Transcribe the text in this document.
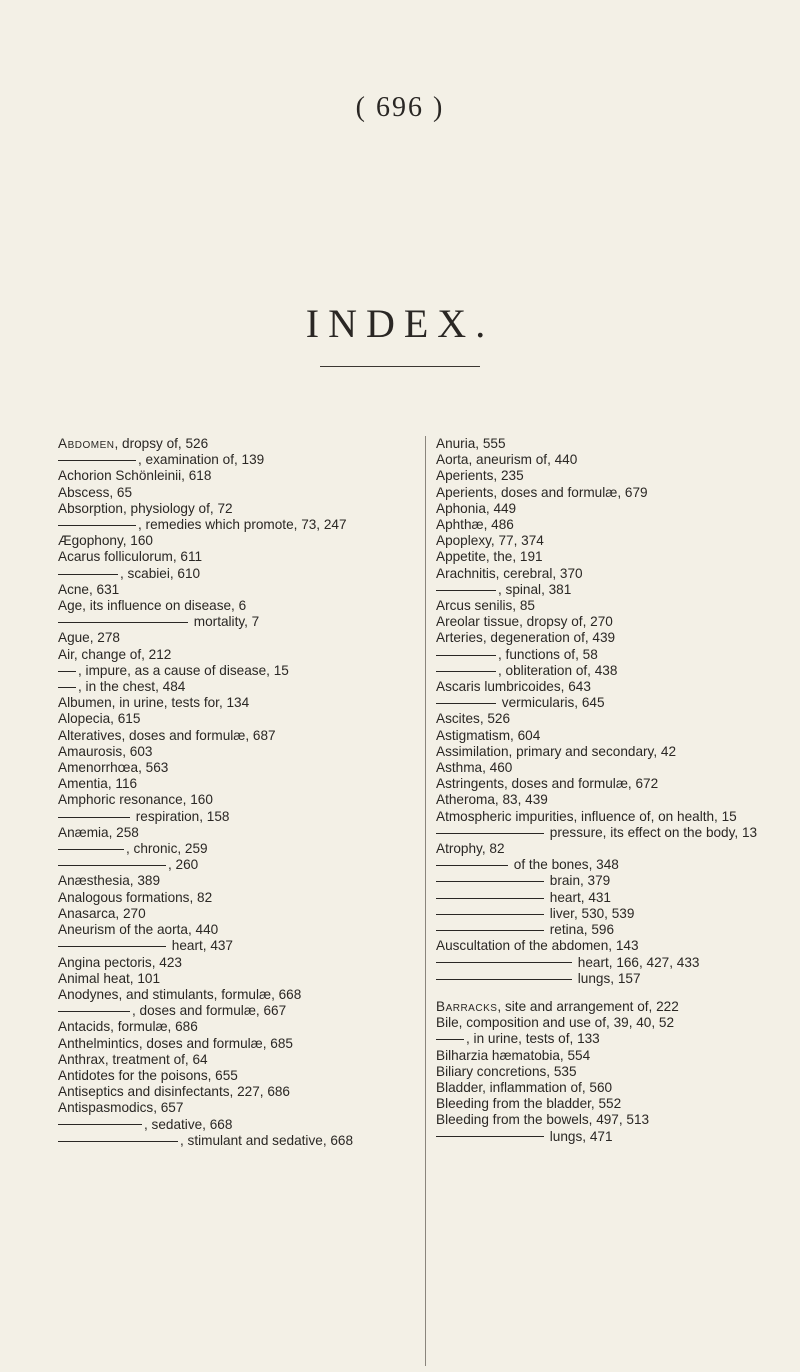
( 696 )
INDEX.
Abdomen, dropsy of, 526
, examination of, 139
Achorion Schönleinii, 618
Abscess, 65
Absorption, physiology of, 72
, remedies which promote, 73, 247
Ægophony, 160
Acarus folliculorum, 611
, scabiei, 610
Acne, 631
Age, its influence on disease, 6
mortality, 7
Ague, 278
Air, change of, 212
, impure, as a cause of disease, 15
, in the chest, 484
Albumen, in urine, tests for, 134
Alopecia, 615
Alteratives, doses and formulæ, 687
Amaurosis, 603
Amenorrhœa, 563
Amentia, 116
Amphoric resonance, 160
respiration, 158
Anæmia, 258
, chronic, 259
, 260
Anæsthesia, 389
Analogous formations, 82
Anasarca, 270
Aneurism of the aorta, 440
heart, 437
Angina pectoris, 423
Animal heat, 101
Anodynes, and stimulants, formulæ, 668
, doses and formulæ, 667
Antacids, formulæ, 686
Anthelmintics, doses and formulæ, 685
Anthrax, treatment of, 64
Antidotes for the poisons, 655
Antiseptics and disinfectants, 227, 686
Antispasmodics, 657
, sedative, 668
, stimulant and sedative, 668
Anuria, 555
Aorta, aneurism of, 440
Aperients, 235
Aperients, doses and formulæ, 679
Aphonia, 449
Aphthæ, 486
Apoplexy, 77, 374
Appetite, the, 191
Arachnitis, cerebral, 370
, spinal, 381
Arcus senilis, 85
Areolar tissue, dropsy of, 270
Arteries, degeneration of, 439
, functions of, 58
, obliteration of, 438
Ascaris lumbricoides, 643
vermicularis, 645
Ascites, 526
Astigmatism, 604
Assimilation, primary and secondary, 42
Asthma, 460
Astringents, doses and formulæ, 672
Atheroma, 83, 439
Atmospheric impurities, influence of, on health, 15
pressure, its effect on the body, 13
Atrophy, 82
of the bones, 348
brain, 379
heart, 431
liver, 530, 539
retina, 596
Auscultation of the abdomen, 143
heart, 166, 427, 433
lungs, 157
Barracks, site and arrangement of, 222
Bile, composition and use of, 39, 40, 52
, in urine, tests of, 133
Bilharzia hæmatobia, 554
Biliary concretions, 535
Bladder, inflammation of, 560
Bleeding from the bladder, 552
Bleeding from the bowels, 497, 513
lungs, 471
